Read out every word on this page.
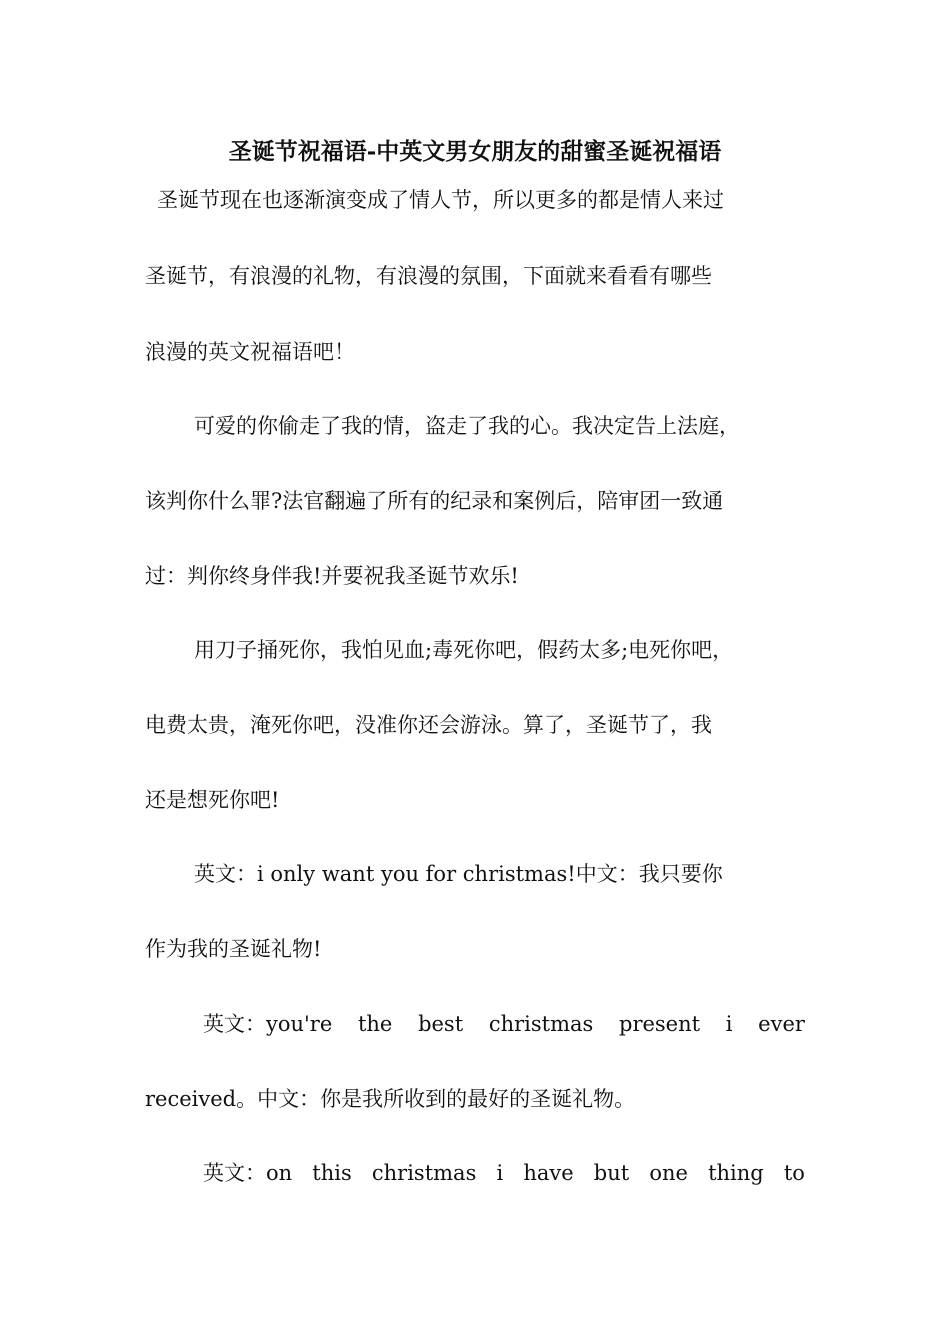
圣诞节祝福语-中英文男女朋友的甜蜜圣诞祝福语
圣诞节现在也逐渐演变成了情人节，所以更多的都是情人来过
圣诞节，有浪漫的礼物，有浪漫的氛围，下面就来看看有哪些
浪漫的英文祝福语吧！
可爱的你偷走了我的情，盗走了我的心。我决定告上法庭，
该判你什么罪?法官翻遍了所有的纪录和案例后，陪审团一致通
过：判你终身伴我!并要祝我圣诞节欢乐!
用刀子捅死你，我怕见血;毒死你吧，假药太多;电死你吧，
电费太贵，淹死你吧，没准你还会游泳。算了，圣诞节了，我
还是想死你吧!
英文：i only want you for christmas!中文：我只要你
作为我的圣诞礼物!
英文：you're the best christmas present i ever
received。中文：你是我所收到的最好的圣诞礼物。
英文：on this christmas i have but one thing to
